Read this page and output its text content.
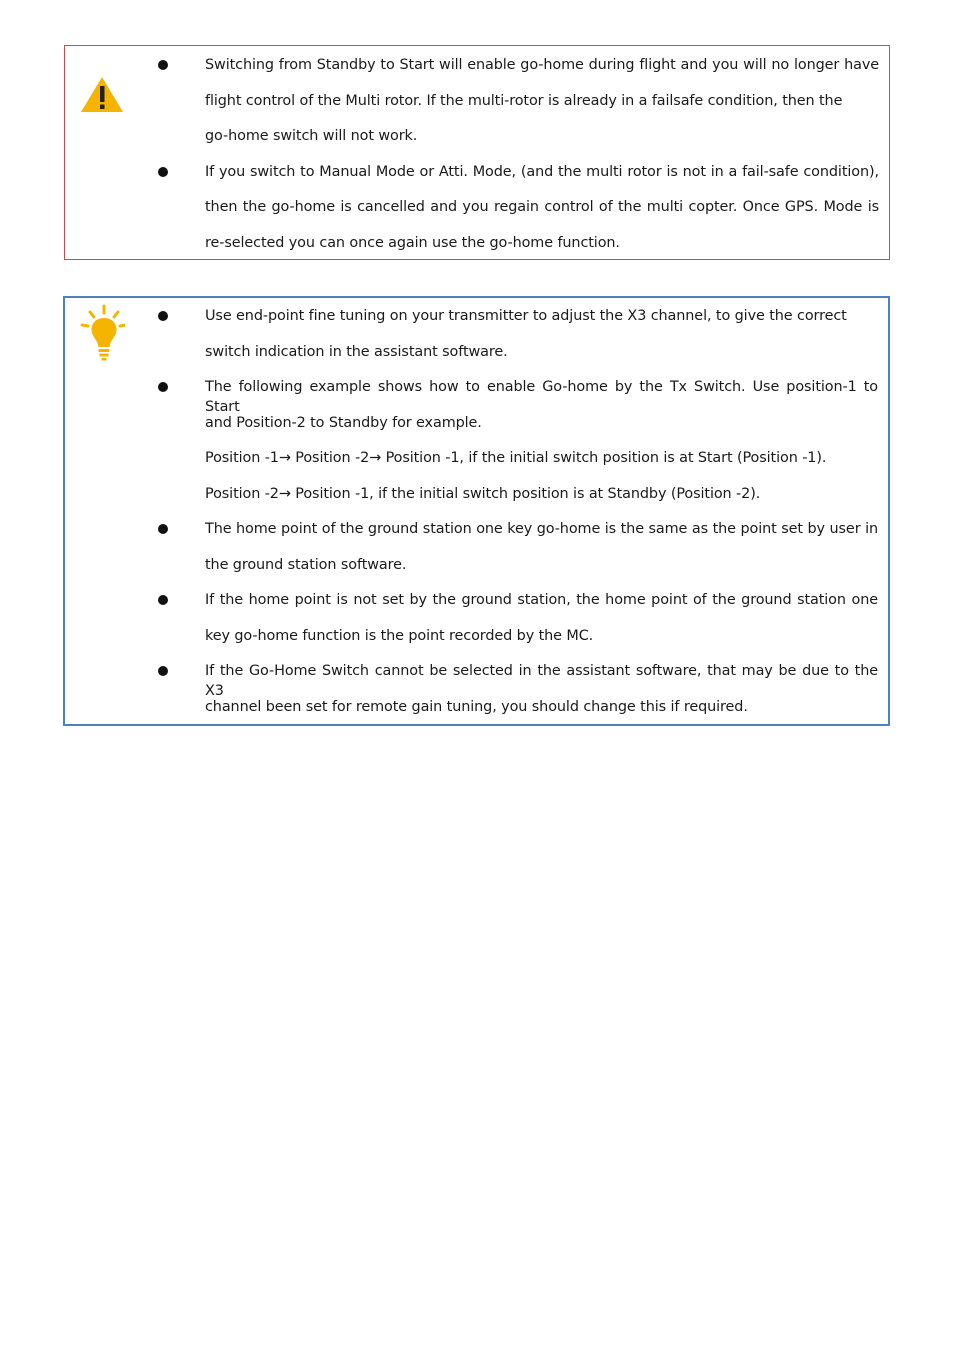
Switching from Standby to Start will enable go-home during flight and you will no longer have
flight control of the Multi rotor. If the multi-rotor is already in a failsafe condition, then the
go-home switch will not work.
If you switch to Manual Mode or Atti. Mode, (and the multi rotor is not in a fail-safe condition),
then the go-home is cancelled and you regain control of the multi copter. Once GPS. Mode is
re-selected you can once again use the go-home function.
Use end-point fine tuning on your transmitter to adjust the X3 channel, to give the correct
switch indication in the assistant software.
The following example shows how to enable Go-home by the Tx Switch. Use position-1 to Start
and Position-2 to Standby for example.
Position -1→ Position -2→ Position -1, if the initial switch position is at Start (Position -1).
Position -2→ Position -1, if the initial switch position is at Standby (Position -2).
The home point of the ground station one key go-home is the same as the point set by user in
the ground station software.
If the home point is not set by the ground station, the home point of the ground station one
key go-home function is the point recorded by the MC.
If the Go-Home Switch cannot be selected in the assistant software, that may be due to the X3
channel been set for remote gain tuning, you should change this if required.
